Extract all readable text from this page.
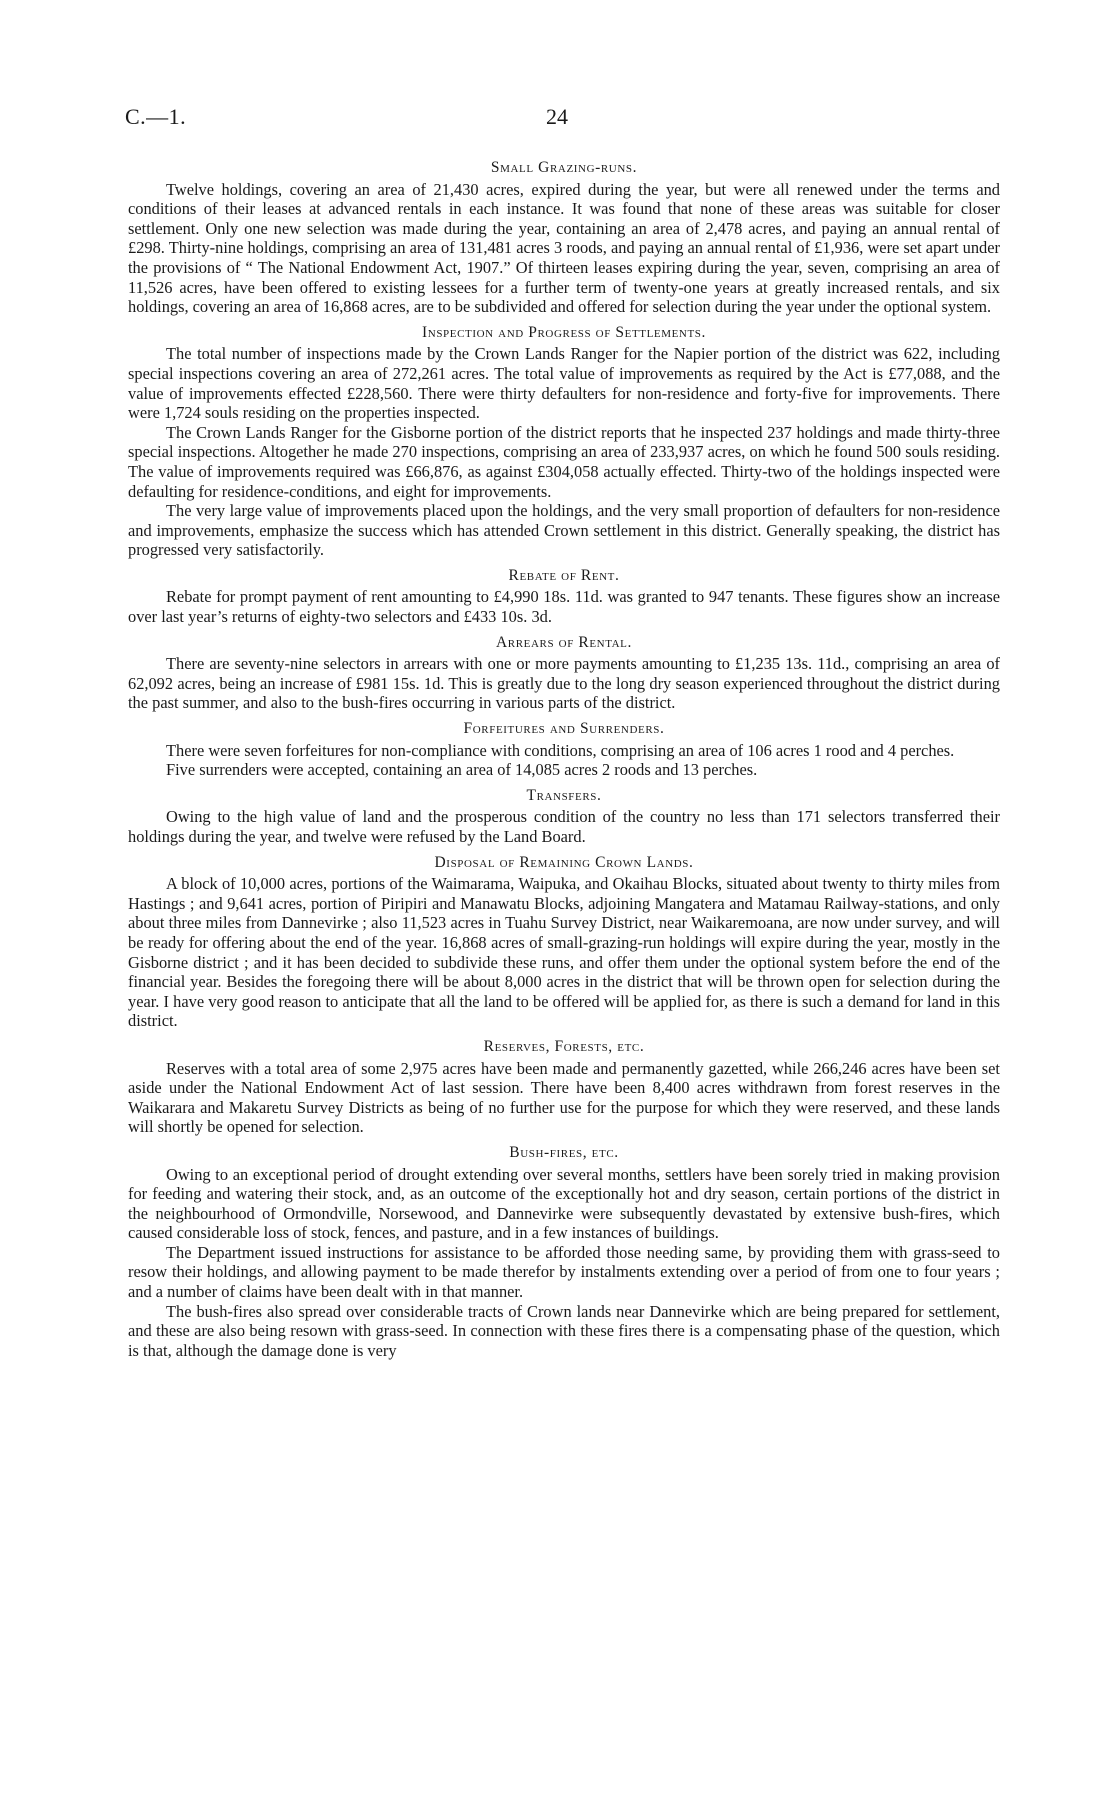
C.—1.	24
Small Grazing-runs.

Twelve holdings, covering an area of 21,430 acres, expired during the year, but were all renewed under the terms and conditions of their leases at advanced rentals in each instance. It was found that none of these areas was suitable for closer settlement. Only one new selection was made during the year, containing an area of 2,478 acres, and paying an annual rental of £298. Thirty-nine holdings, comprising an area of 131,481 acres 3 roods, and paying an annual rental of £1,936, were set apart under the provisions of “ The National Endowment Act, 1907.” Of thirteen leases expiring during the year, seven, comprising an area of 11,526 acres, have been offered to existing lessees for a further term of twenty-one years at greatly increased rentals, and six holdings, covering an area of 16,868 acres, are to be subdivided and offered for selection during the year under the optional system.

Inspection and Progress of Settlements.

The total number of inspections made by the Crown Lands Ranger for the Napier portion of the district was 622, including special inspections covering an area of 272,261 acres. The total value of improvements as required by the Act is £77,088, and the value of improvements effected £228,560. There were thirty defaulters for non-residence and forty-five for improvements. There were 1,724 souls residing on the properties inspected.

The Crown Lands Ranger for the Gisborne portion of the district reports that he inspected 237 holdings and made thirty-three special inspections. Altogether he made 270 inspections, comprising an area of 233,937 acres, on which he found 500 souls residing. The value of improvements required was £66,876, as against £304,058 actually effected. Thirty-two of the holdings inspected were defaulting for residence-conditions, and eight for improvements.

The very large value of improvements placed upon the holdings, and the very small proportion of defaulters for non-residence and improvements, emphasize the success which has attended Crown settlement in this district. Generally speaking, the district has progressed very satisfactorily.

Rebate of Rent.

Rebate for prompt payment of rent amounting to £4,990 18s. 11d. was granted to 947 tenants. These figures show an increase over last year’s returns of eighty-two selectors and £433 10s. 3d.

Arrears of Rental.

There are seventy-nine selectors in arrears with one or more payments amounting to £1,235 13s. 11d., comprising an area of 62,092 acres, being an increase of £981 15s. 1d. This is greatly due to the long dry season experienced throughout the district during the past summer, and also to the bush-fires occurring in various parts of the district.

Forfeitures and Surrenders.

There were seven forfeitures for non-compliance with conditions, comprising an area of 106 acres 1 rood and 4 perches.

Five surrenders were accepted, containing an area of 14,085 acres 2 roods and 13 perches.

Transfers.

Owing to the high value of land and the prosperous condition of the country no less than 171 selectors transferred their holdings during the year, and twelve were refused by the Land Board.

Disposal of Remaining Crown Lands.

A block of 10,000 acres, portions of the Waimarama, Waipuka, and Okaihau Blocks, situated about twenty to thirty miles from Hastings ; and 9,641 acres, portion of Piripiri and Manawatu Blocks, adjoining Mangatera and Matamau Railway-stations, and only about three miles from Dannevirke ; also 11,523 acres in Tuahu Survey District, near Waikaremoana, are now under survey, and will be ready for offering about the end of the year. 16,868 acres of small-grazing-run holdings will expire during the year, mostly in the Gisborne district ; and it has been decided to subdivide these runs, and offer them under the optional system before the end of the financial year. Besides the foregoing there will be about 8,000 acres in the district that will be thrown open for selection during the year. I have very good reason to anticipate that all the land to be offered will be applied for, as there is such a demand for land in this district.

Reserves, Forests, etc.

Reserves with a total area of some 2,975 acres have been made and permanently gazetted, while 266,246 acres have been set aside under the National Endowment Act of last session. There have been 8,400 acres withdrawn from forest reserves in the Waikarara and Makaretu Survey Districts as being of no further use for the purpose for which they were reserved, and these lands will shortly be opened for selection.

Bush-fires, etc.

Owing to an exceptional period of drought extending over several months, settlers have been sorely tried in making provision for feeding and watering their stock, and, as an outcome of the exceptionally hot and dry season, certain portions of the district in the neighbourhood of Ormondville, Norsewood, and Dannevirke were subsequently devastated by extensive bush-fires, which caused considerable loss of stock, fences, and pasture, and in a few instances of buildings.

The Department issued instructions for assistance to be afforded those needing same, by providing them with grass-seed to resow their holdings, and allowing payment to be made therefor by instalments extending over a period of from one to four years ; and a number of claims have been dealt with in that manner.

The bush-fires also spread over considerable tracts of Crown lands near Dannevirke which are being prepared for settlement, and these are also being resown with grass-seed. In connection with these fires there is a compensating phase of the question, which is that, although the damage done is very
